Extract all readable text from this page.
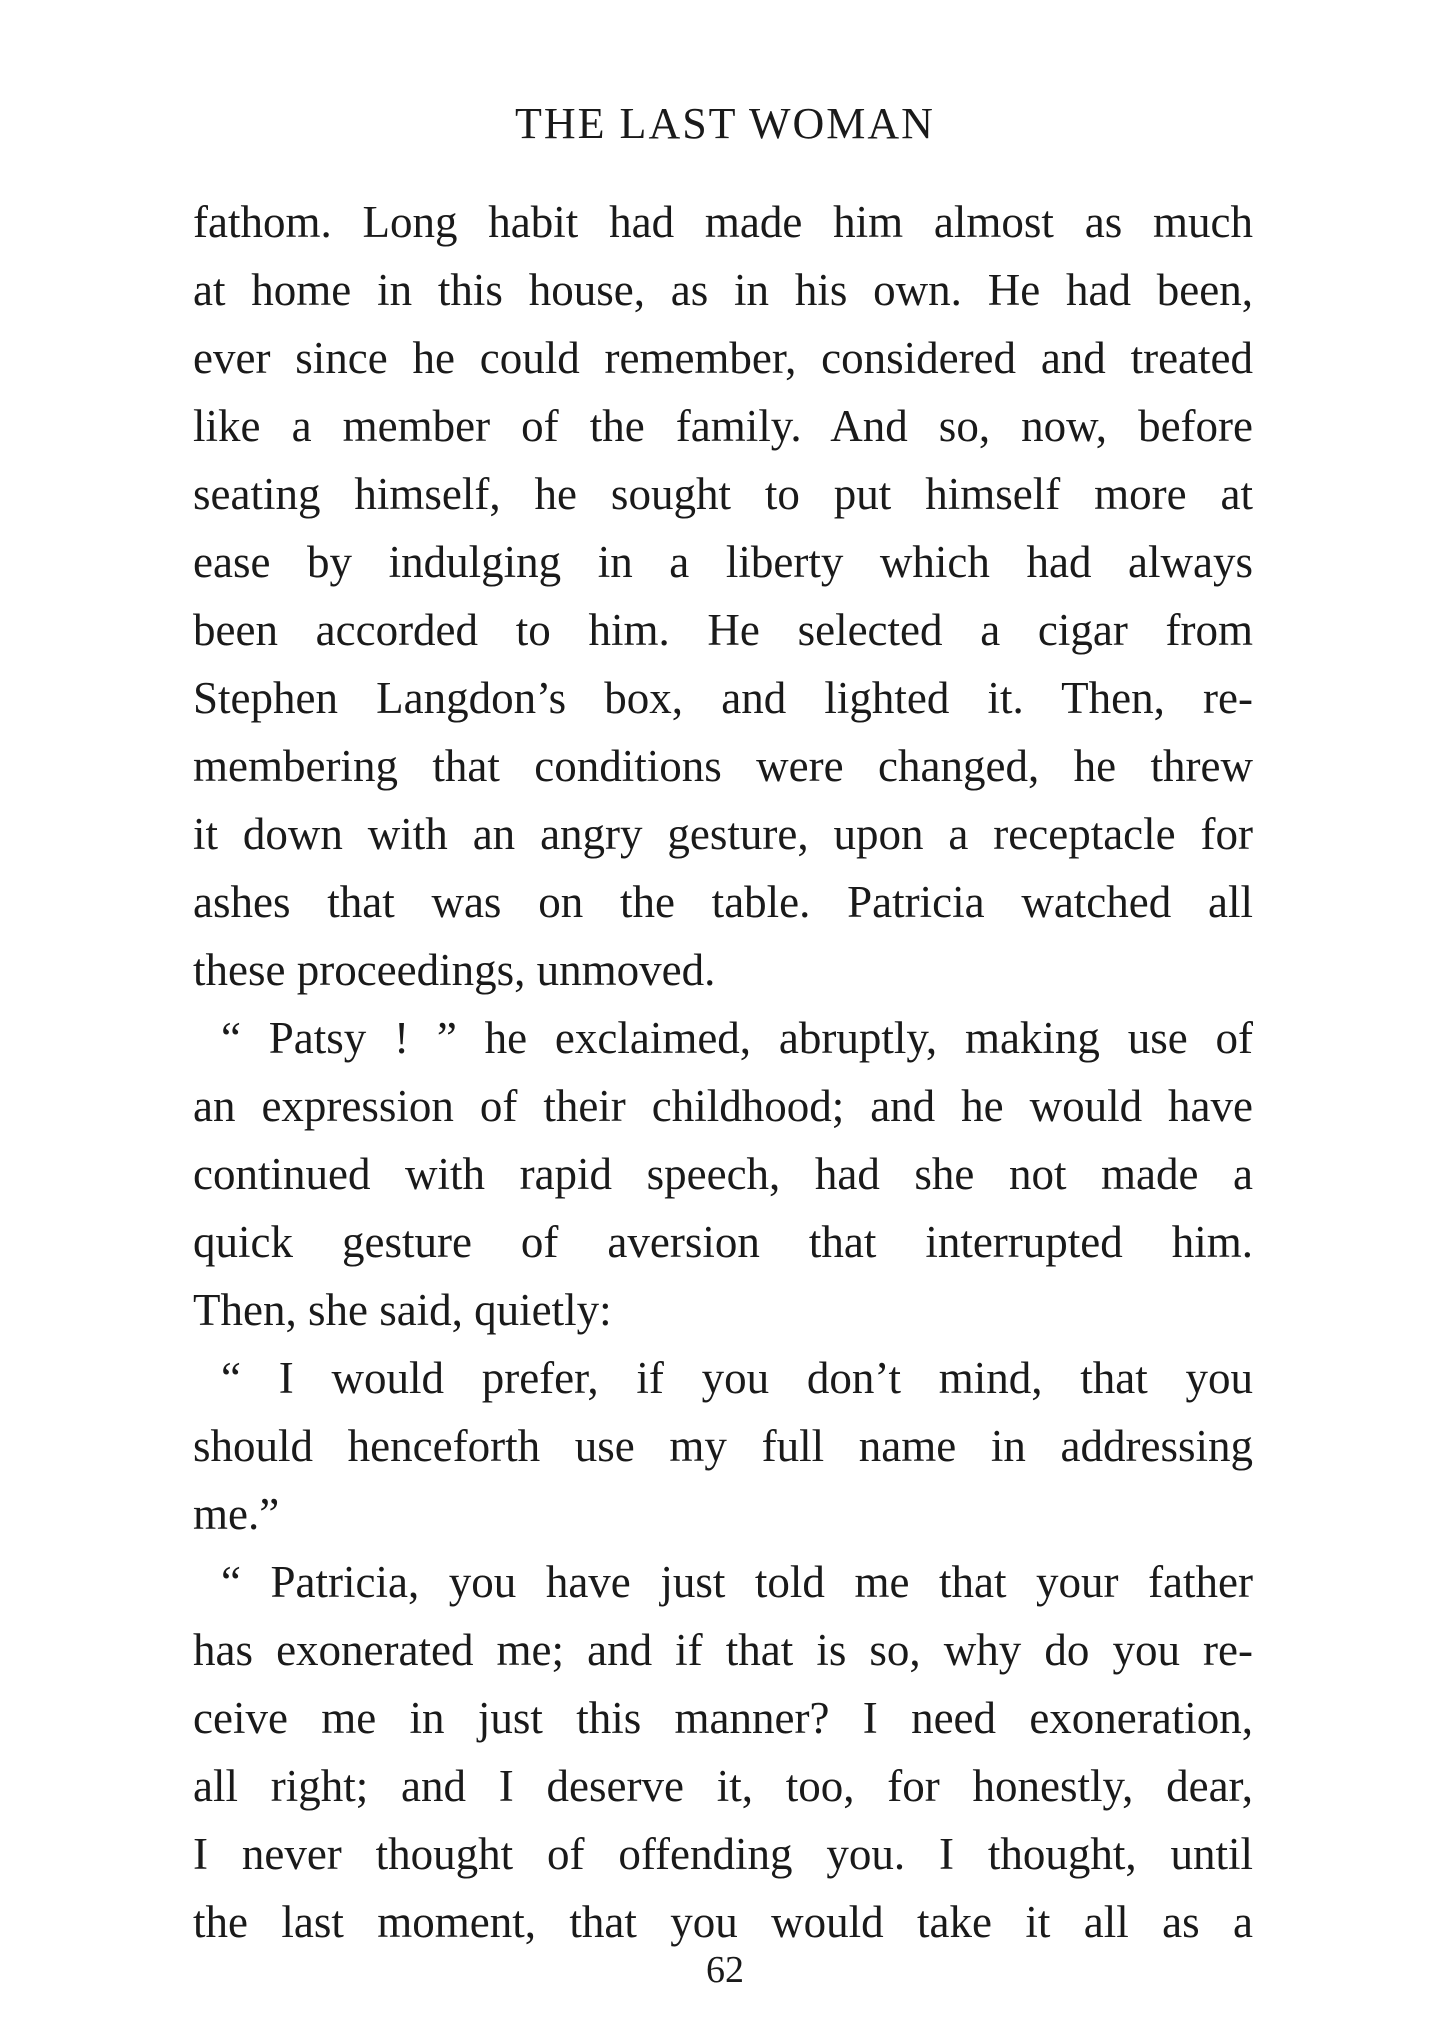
THE LAST WOMAN
fathom. Long habit had made him almost as much
at home in this house, as in his own. He had been,
ever since he could remember, considered and treated
like a member of the family. And so, now, before
seating himself, he sought to put himself more at
ease by indulging in a liberty which had always
been accorded to him. He selected a cigar from
Stephen Langdon’s box, and lighted it. Then, re-
membering that conditions were changed, he threw
it down with an angry gesture, upon a receptacle for
ashes that was on the table. Patricia watched all
these proceedings, unmoved.
“ Patsy ! ” he exclaimed, abruptly, making use of
an expression of their childhood; and he would have
continued with rapid speech, had she not made a
quick gesture of aversion that interrupted him.
Then, she said, quietly:
“ I would prefer, if you don’t mind, that you
should henceforth use my full name in addressing
me.”
“ Patricia, you have just told me that your father
has exonerated me; and if that is so, why do you re-
ceive me in just this manner? I need exoneration,
all right; and I deserve it, too, for honestly, dear,
I never thought of offending you. I thought, until
the last moment, that you would take it all as a
62
